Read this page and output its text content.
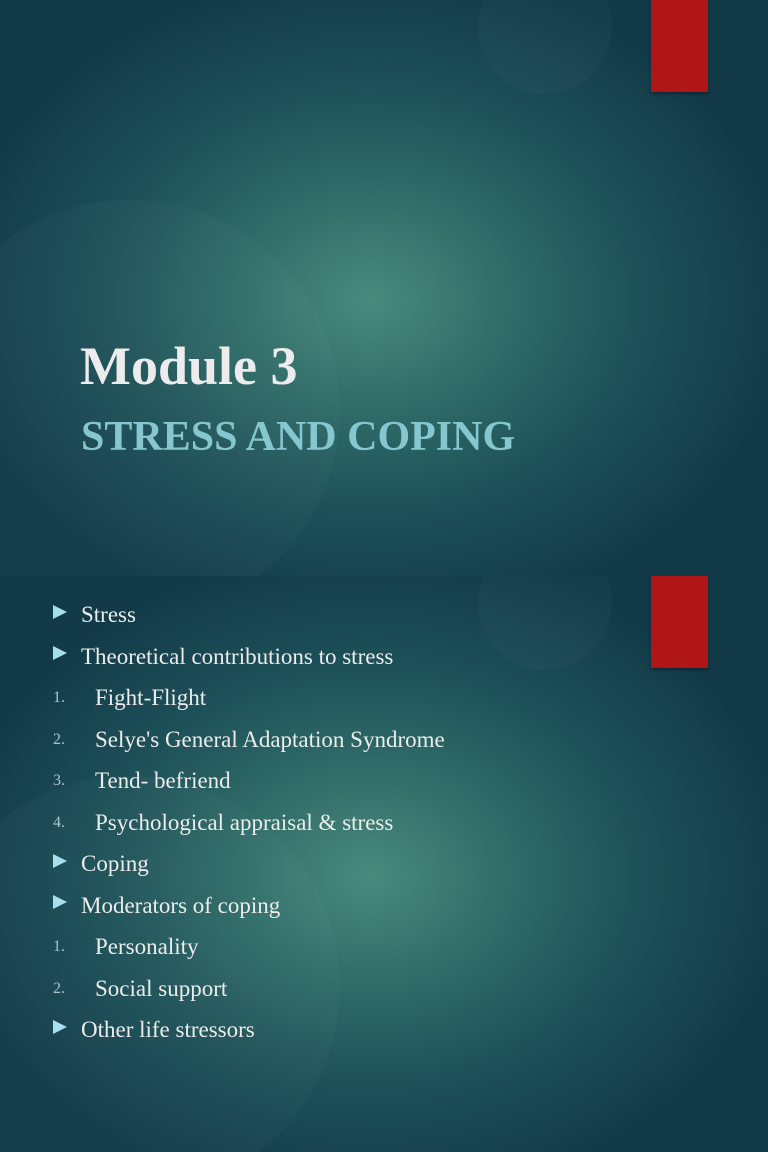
Module 3
STRESS AND COPING
Stress
Theoretical contributions to stress
1. Fight-Flight
2. Selye's General Adaptation Syndrome
3. Tend- befriend
4. Psychological appraisal & stress
Coping
Moderators of coping
1. Personality
2. Social support
Other life stressors
